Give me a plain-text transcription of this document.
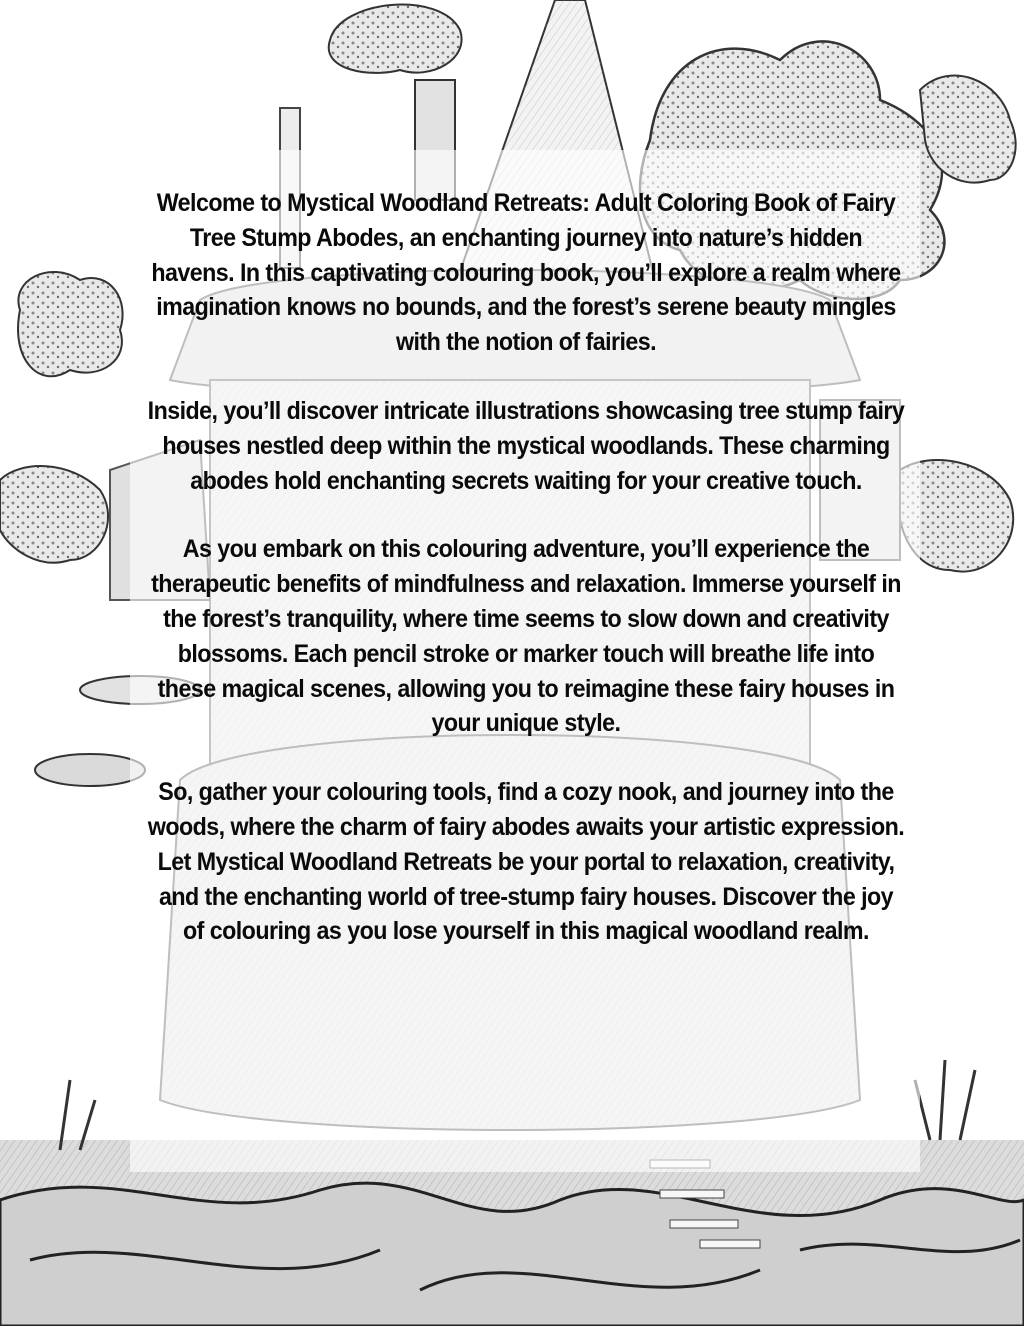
Welcome to Mystical Woodland Retreats: Adult Coloring Book of Fairy Tree Stump Abodes, an enchanting journey into nature’s hidden havens. In this captivating colouring book, you’ll explore a realm where imagination knows no bounds, and the forest’s serene beauty mingles with the notion of fairies.

Inside, you’ll discover intricate illustrations showcasing tree stump fairy houses nestled deep within the mystical woodlands. These charming abodes hold enchanting secrets waiting for your creative touch.

As you embark on this colouring adventure, you’ll experience the therapeutic benefits of mindfulness and relaxation. Immerse yourself in the forest’s tranquility, where time seems to slow down and creativity blossoms. Each pencil stroke or marker touch will breathe life into these magical scenes, allowing you to reimagine these fairy houses in your unique style.

So, gather your colouring tools, find a cozy nook, and journey into the woods, where the charm of fairy abodes awaits your artistic expression. Let Mystical Woodland Retreats be your portal to relaxation, creativity, and the enchanting world of tree-stump fairy houses. Discover the joy of colouring as you lose yourself in this magical woodland realm.
